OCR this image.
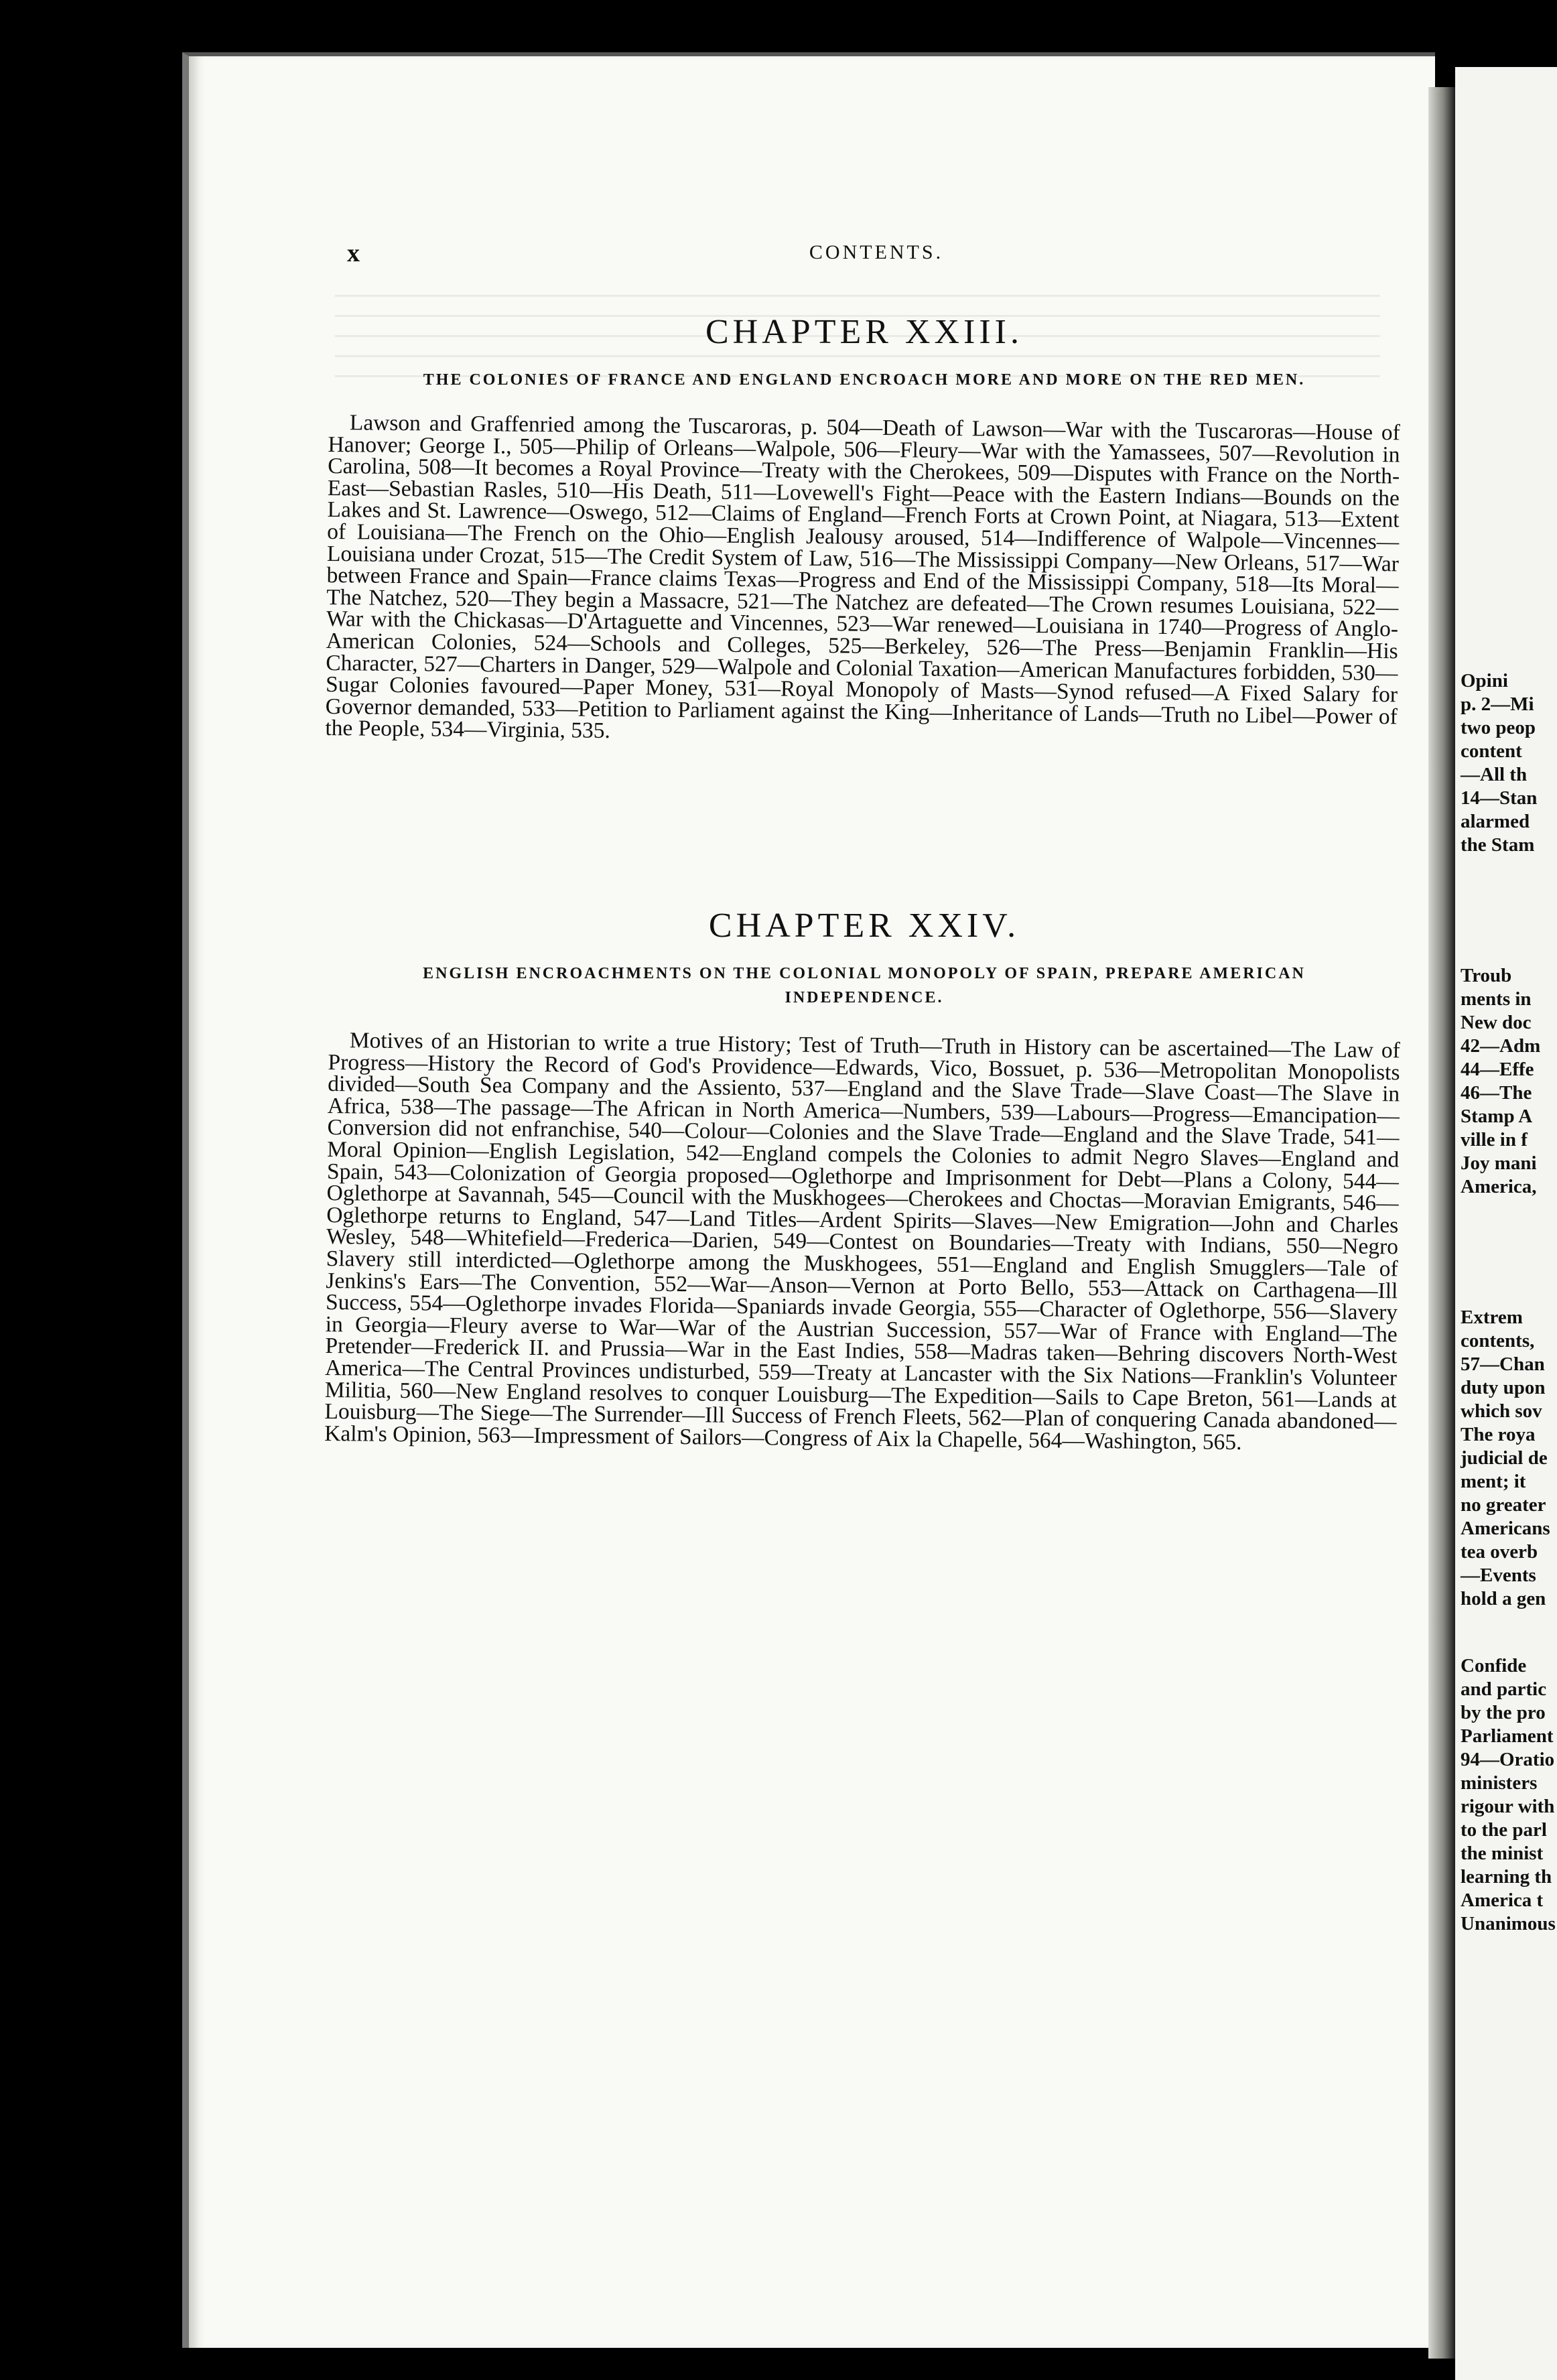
x	CONTENTS.
CHAPTER XXIII.
THE COLONIES OF FRANCE AND ENGLAND ENCROACH MORE AND MORE ON THE RED MEN.

Lawson and Graffenried among the Tuscaroras, p. 504—Death of Lawson—War with the Tuscaroras—House of Hanover; George I., 505—Philip of Orleans—Walpole, 506—Fleury—War with the Yamassees, 507—Revolution in Carolina, 508—It becomes a Royal Province—Treaty with the Cherokees, 509—Disputes with France on the North-East—Sebastian Rasles, 510—His Death, 511—Lovewell's Fight—Peace with the Eastern Indians—Bounds on the Lakes and St. Lawrence—Oswego, 512—Claims of England—French Forts at Crown Point, at Niagara, 513—Extent of Louisiana—The French on the Ohio—English Jealousy aroused, 514—Indifference of Walpole—Vincennes—Louisiana under Crozat, 515—The Credit System of Law, 516—The Mississippi Company—New Orleans, 517—War between France and Spain—France claims Texas—Progress and End of the Mississippi Company, 518—Its Moral—The Natchez, 520—They begin a Massacre, 521—The Natchez are defeated—The Crown resumes Louisiana, 522—War with the Chickasas—D'Artaguette and Vincennes, 523—War renewed—Louisiana in 1740—Progress of Anglo-American Colonies, 524—Schools and Colleges, 525—Berkeley, 526—The Press—Benjamin Franklin—His Character, 527—Charters in Danger, 529—Walpole and Colonial Taxation—American Manufactures forbidden, 530—Sugar Colonies favoured—Paper Money, 531—Royal Monopoly of Masts—Synod refused—A Fixed Salary for Governor demanded, 533—Petition to Parliament against the King—Inheritance of Lands—Truth no Libel—Power of the People, 534—Virginia, 535.

CHAPTER XXIV.
ENGLISH ENCROACHMENTS ON THE COLONIAL MONOPOLY OF SPAIN, PREPARE AMERICAN INDEPENDENCE.

Motives of an Historian to write a true History; Test of Truth—Truth in History can be ascertained—The Law of Progress—History the Record of God's Providence—Edwards, Vico, Bossuet, p. 536—Metropolitan Monopolists divided—South Sea Company and the Assiento, 537—England and the Slave Trade—Slave Coast—The Slave in Africa, 538—The passage—The African in North America—Numbers, 539—Labours—Progress—Emancipation—Conversion did not enfranchise, 540—Colour—Colonies and the Slave Trade—England and the Slave Trade, 541—Moral Opinion—English Legislation, 542—England compels the Colonies to admit Negro Slaves—England and Spain, 543—Colonization of Georgia proposed—Oglethorpe and Imprisonment for Debt—Plans a Colony, 544—Oglethorpe at Savannah, 545—Council with the Muskhogees—Cherokees and Choctas—Moravian Emigrants, 546—Oglethorpe returns to England, 547—Land Titles—Ardent Spirits—Slaves—New Emigration—John and Charles Wesley, 548—Whitefield—Frederica—Darien, 549—Contest on Boundaries—Treaty with Indians, 550—Negro Slavery still interdicted—Oglethorpe among the Muskhogees, 551—England and English Smugglers—Tale of Jenkins's Ears—The Convention, 552—War—Anson—Vernon at Porto Bello, 553—Attack on Carthagena—Ill Success, 554—Oglethorpe invades Florida—Spaniards invade Georgia, 555—Character of Oglethorpe, 556—Slavery in Georgia—Fleury averse to War—War of the Austrian Succession, 557—War of France with England—The Pretender—Frederick II. and Prussia—War in the East Indies, 558—Madras taken—Behring discovers North-West America—The Central Provinces undisturbed, 559—Treaty at Lancaster with the Six Nations—Franklin's Volunteer Militia, 560—New England resolves to conquer Louisburg—The Expedition—Sails to Cape Breton, 561—Lands at Louisburg—The Siege—The Surrender—Ill Success of French Fleets, 562—Plan of conquering Canada abandoned—Kalm's Opinion, 563—Impressment of Sailors—Congress of Aix la Chapelle, 564—Washington, 565.

Opini
p. 2—Mi
two peop
content
—All th
14—Stan
alarmed
the Stam
Troub
ments in
New doc
42—Adm
44—Effe
46—The
Stamp A
ville in f
Joy mani
America,
Extrem
contents,
57—Chan
duty upon
which sov
The roya
judicial de
ment; it
no greater
Americans
tea overb
—Events
hold a gen
Confide
and partic
by the pro
Parliament
94—Oratio
ministers
rigour with
to the parl
the minist
learning th
America t
Unanimous
